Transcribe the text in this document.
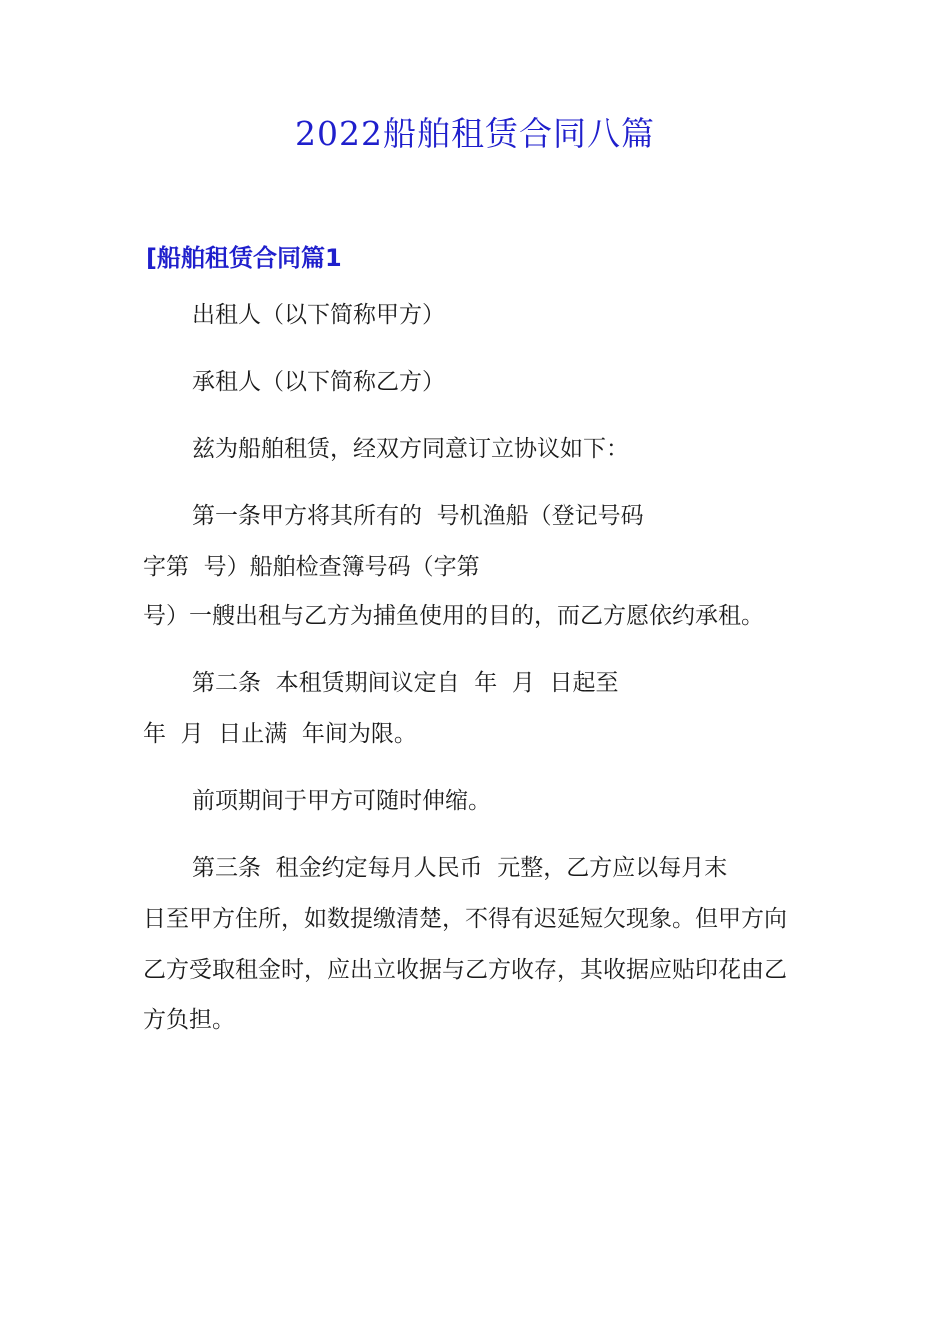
2022船舶租赁合同八篇
[船舶租赁合同篇1
出租人（以下简称甲方）
承租人（以下简称乙方）
兹为船舶租赁，经双方同意订立协议如下：
第一条甲方将其所有的  号机渔船（登记号码
字第  号）船舶检查簿号码（字第
号）一艘出租与乙方为捕鱼使用的目的，而乙方愿依约承租。
第二条  本租赁期间议定自  年  月  日起至
年  月  日止满  年间为限。
前项期间于甲方可随时伸缩。
第三条  租金约定每月人民币  元整，乙方应以每月末
日至甲方住所，如数提缴清楚，不得有迟延短欠现象。但甲方向
乙方受取租金时，应出立收据与乙方收存，其收据应贴印花由乙
方负担。
